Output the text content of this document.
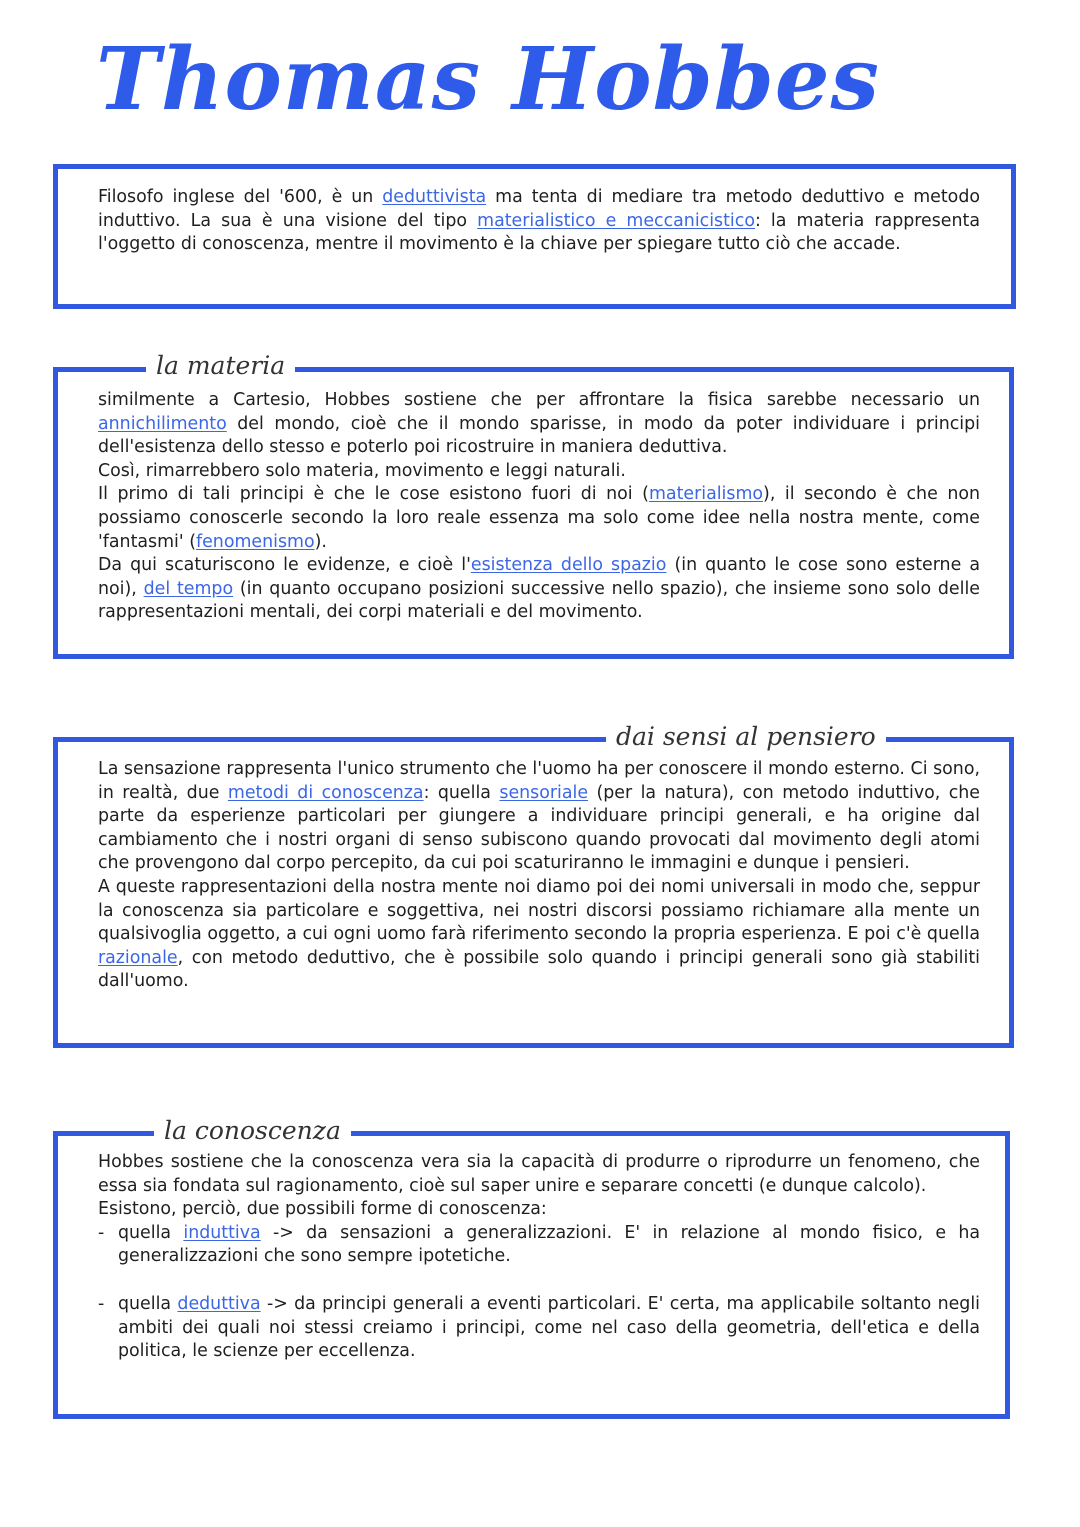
Thomas Hobbes

Filosofo inglese del '600, è un deduttivista ma tenta di mediare tra metodo deduttivo e metodo induttivo. La sua è una visione del tipo materialistico e meccanicistico: la materia rappresenta l'oggetto di conoscenza, mentre il movimento è la chiave per spiegare tutto ciò che accade.

la materia

similmente a Cartesio, Hobbes sostiene che per affrontare la fisica sarebbe necessario un annichilimento del mondo, cioè che il mondo sparisse, in modo da poter individuare i principi dell'esistenza dello stesso e poterlo poi ricostruire in maniera deduttiva.

Così, rimarrebbero solo materia, movimento e leggi naturali.

Il primo di tali principi è che le cose esistono fuori di noi (materialismo), il secondo è che non possiamo conoscerle secondo la loro reale essenza ma solo come idee nella nostra mente, come 'fantasmi' (fenomenismo).

Da qui scaturiscono le evidenze, e cioè l'esistenza dello spazio (in quanto le cose sono esterne a noi), del tempo (in quanto occupano posizioni successive nello spazio), che insieme sono solo delle rappresentazioni mentali, dei corpi materiali e del movimento.

dai sensi al pensiero

La sensazione rappresenta l'unico strumento che l'uomo ha per conoscere il mondo esterno. Ci sono, in realtà, due metodi di conoscenza: quella sensoriale (per la natura), con metodo induttivo, che parte da esperienze particolari per giungere a individuare principi generali, e ha origine dal cambiamento che i nostri organi di senso subiscono quando provocati dal movimento degli atomi che provengono dal corpo percepito, da cui poi scaturiranno le immagini e dunque i pensieri.

A queste rappresentazioni della nostra mente noi diamo poi dei nomi universali in modo che, seppur la conoscenza sia particolare e soggettiva, nei nostri discorsi possiamo richiamare alla mente un qualsivoglia oggetto, a cui ogni uomo farà riferimento secondo la propria esperienza. E poi c'è quella razionale, con metodo deduttivo, che è possibile solo quando i principi generali sono già stabiliti dall'uomo.

la conoscenza

Hobbes sostiene che la conoscenza vera sia la capacità di produrre o riprodurre un fenomeno, che essa sia fondata sul ragionamento, cioè sul saper unire e separare concetti (e dunque calcolo).

Esistono, perciò, due possibili forme di conoscenza:

- quella induttiva -> da sensazioni a generalizzazioni. E' in relazione al mondo fisico, e ha generalizzazioni che sono sempre ipotetiche.
- quella deduttiva -> da principi generali a eventi particolari. E' certa, ma applicabile soltanto negli ambiti dei quali noi stessi creiamo i principi, come nel caso della geometria, dell'etica e della politica, le scienze per eccellenza.
